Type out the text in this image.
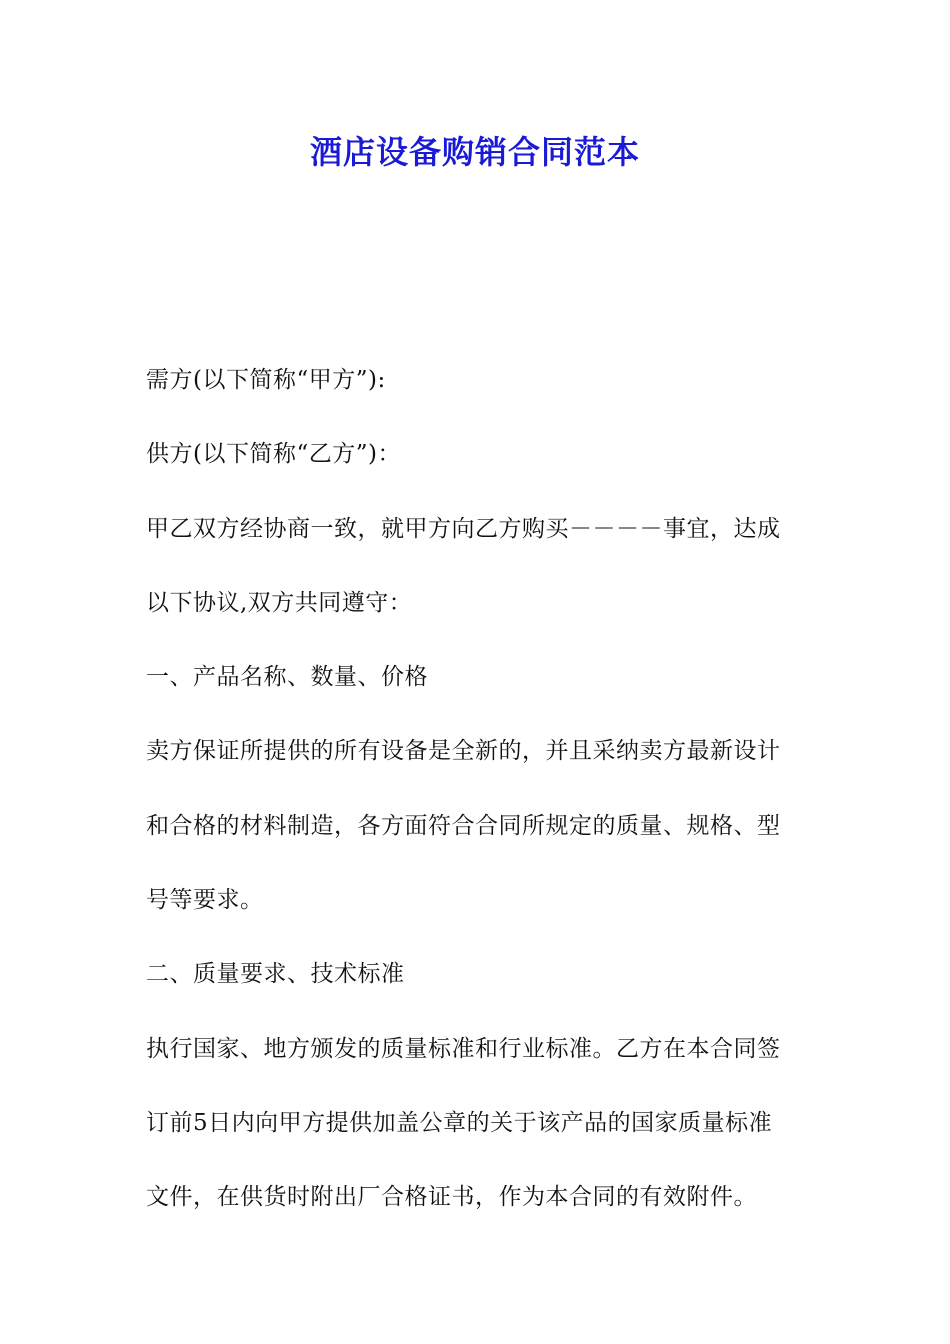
酒店设备购销合同范本

需方(以下简称“甲方”):

供方(以下简称“乙方”)：

甲乙双方经协商一致，就甲方向乙方购买－－－－事宜，达成

以下协议,双方共同遵守：

一、产品名称、数量、价格

卖方保证所提供的所有设备是全新的，并且采纳卖方最新设计

和合格的材料制造，各方面符合合同所规定的质量、规格、型

号等要求。

二、质量要求、技术标准

执行国家、地方颁发的质量标准和行业标准。乙方在本合同签

订前5日内向甲方提供加盖公章的关于该产品的国家质量标准

文件，在供货时附出厂合格证书，作为本合同的有效附件。
